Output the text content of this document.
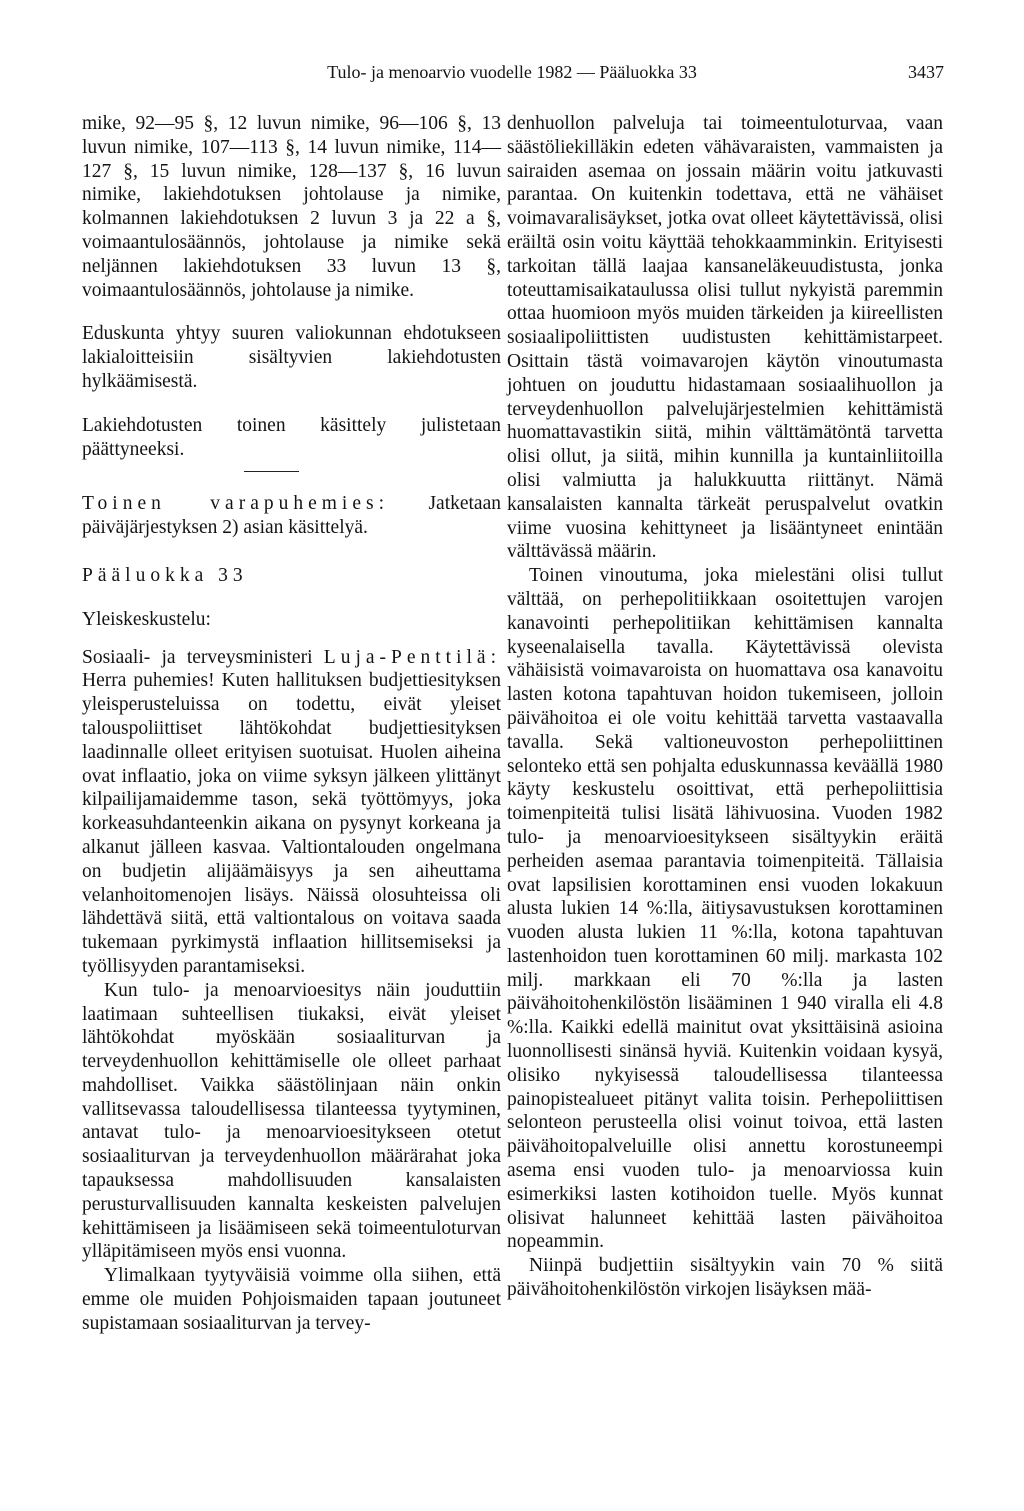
Tulo- ja menoarvio vuodelle 1982 — Pääluokka 33	3437

mike, 92—95 §, 12 luvun nimike, 96—106 §, 13 luvun nimike, 107—113 §, 14 luvun nimike, 114—127 §, 15 luvun nimike, 128—137 §, 16 luvun nimike, lakiehdotuksen johtolause ja nimike, kolmannen lakiehdotuksen 2 luvun 3 ja 22 a §, voimaantulosäännös, johtolause ja nimike sekä neljännen lakiehdotuksen 33 luvun 13 §, voimaantulosäännös, johtolause ja nimike.

Eduskunta yhtyy suuren valiokunnan ehdotukseen lakialoitteisiin sisältyvien lakiehdotusten hylkäämisestä.

Lakiehdotusten toinen käsittely julistetaan päättyneeksi.

Toinen varapuhemies: Jatketaan päiväjärjestyksen 2) asian käsittelyä.

Pääluokka 33

Yleiskeskustelu:

Sosiaali- ja terveysministeri Luja-Penttilä: Herra puhemies! Kuten hallituksen budjettiesityksen yleisperusteluissa on todettu, eivät yleiset talouspoliittiset lähtökohdat budjettiesityksen laadinnalle olleet erityisen suotuisat. Huolen aiheina ovat inflaatio, joka on viime syksyn jälkeen ylittänyt kilpailijamaidemme tason, sekä työttömyys, joka korkeasuhdanteenkin aikana on pysynyt korkeana ja alkanut jälleen kasvaa. Valtiontalouden ongelmana on budjetin alijäämäisyys ja sen aiheuttama velanhoitomenojen lisäys. Näissä olosuhteissa oli lähdettävä siitä, että valtiontalous on voitava saada tukemaan pyrkimystä inflaation hillitsemiseksi ja työllisyyden parantamiseksi.

Kun tulo- ja menoarvioesitys näin jouduttiin laatimaan suhteellisen tiukaksi, eivät yleiset lähtökohdat myöskään sosiaaliturvan ja terveydenhuollon kehittämiselle ole olleet parhaat mahdolliset. Vaikka säästölinjaan näin onkin vallitsevassa taloudellisessa tilanteessa tyytyminen, antavat tulo- ja menoarvioesitykseen otetut sosiaaliturvan ja terveydenhuollon määrärahat joka tapauksessa mahdollisuuden kansalaisten perusturvallisuuden kannalta keskeisten palvelujen kehittämiseen ja lisäämiseen sekä toimeentuloturvan ylläpitämiseen myös ensi vuonna.

Ylimalkaan tyytyväisiä voimme olla siihen, että emme ole muiden Pohjoismaiden tapaan joutuneet supistamaan sosiaaliturvan ja tervey-

denhuollon palveluja tai toimeentuloturvaa, vaan säästöliekilläkin edeten vähävaraisten, vammaisten ja sairaiden asemaa on jossain määrin voitu jatkuvasti parantaa. On kuitenkin todettava, että ne vähäiset voimavaralisäykset, jotka ovat olleet käytettävissä, olisi eräiltä osin voitu käyttää tehokkaamminkin. Erityisesti tarkoitan tällä laajaa kansaneläkeuudistusta, jonka toteuttamisaikataulussa olisi tullut nykyistä paremmin ottaa huomioon myös muiden tärkeiden ja kiireellisten sosiaalipoliittisten uudistusten kehittämistarpeet. Osittain tästä voimavarojen käytön vinoutumasta johtuen on jouduttu hidastamaan sosiaalihuollon ja terveydenhuollon palvelujärjestelmien kehittämistä huomattavastikin siitä, mihin välttämätöntä tarvetta olisi ollut, ja siitä, mihin kunnilla ja kuntainliitoilla olisi valmiutta ja halukkuutta riittänyt. Nämä kansalaisten kannalta tärkeät peruspalvelut ovatkin viime vuosina kehittyneet ja lisääntyneet enintään välttävässä määrin.

Toinen vinoutuma, joka mielestäni olisi tullut välttää, on perhepolitiikkaan osoitettujen varojen kanavointi perhepolitiikan kehittämisen kannalta kyseenalaisella tavalla. Käytettävissä olevista vähäisistä voimavaroista on huomattava osa kanavoitu lasten kotona tapahtuvan hoidon tukemiseen, jolloin päivähoitoa ei ole voitu kehittää tarvetta vastaavalla tavalla. Sekä valtioneuvoston perhepoliittinen selonteko että sen pohjalta eduskunnassa keväällä 1980 käyty keskustelu osoittivat, että perhepoliittisia toimenpiteitä tulisi lisätä lähivuosina. Vuoden 1982 tulo- ja menoarvioesitykseen sisältyykin eräitä perheiden asemaa parantavia toimenpiteitä. Tällaisia ovat lapsilisien korottaminen ensi vuoden lokakuun alusta lukien 14 %:lla, äitiysavustuksen korottaminen vuoden alusta lukien 11 %:lla, kotona tapahtuvan lastenhoidon tuen korottaminen 60 milj. markasta 102 milj. markkaan eli 70 %:lla ja lasten päivähoitohenkilöstön lisääminen 1 940 viralla eli 4.8 %:lla. Kaikki edellä mainitut ovat yksittäisinä asioina luonnollisesti sinänsä hyviä. Kuitenkin voidaan kysyä, olisiko nykyisessä taloudellisessa tilanteessa painopistealueet pitänyt valita toisin. Perhepoliittisen selonteon perusteella olisi voinut toivoa, että lasten päivähoitopalveluille olisi annettu korostuneempi asema ensi vuoden tulo- ja menoarviossa kuin esimerkiksi lasten kotihoidon tuelle. Myös kunnat olisivat halunneet kehittää lasten päivähoitoa nopeammin.

Niinpä budjettiin sisältyykin vain 70 % siitä päivähoitohenkilöstön virkojen lisäyksen mää-
